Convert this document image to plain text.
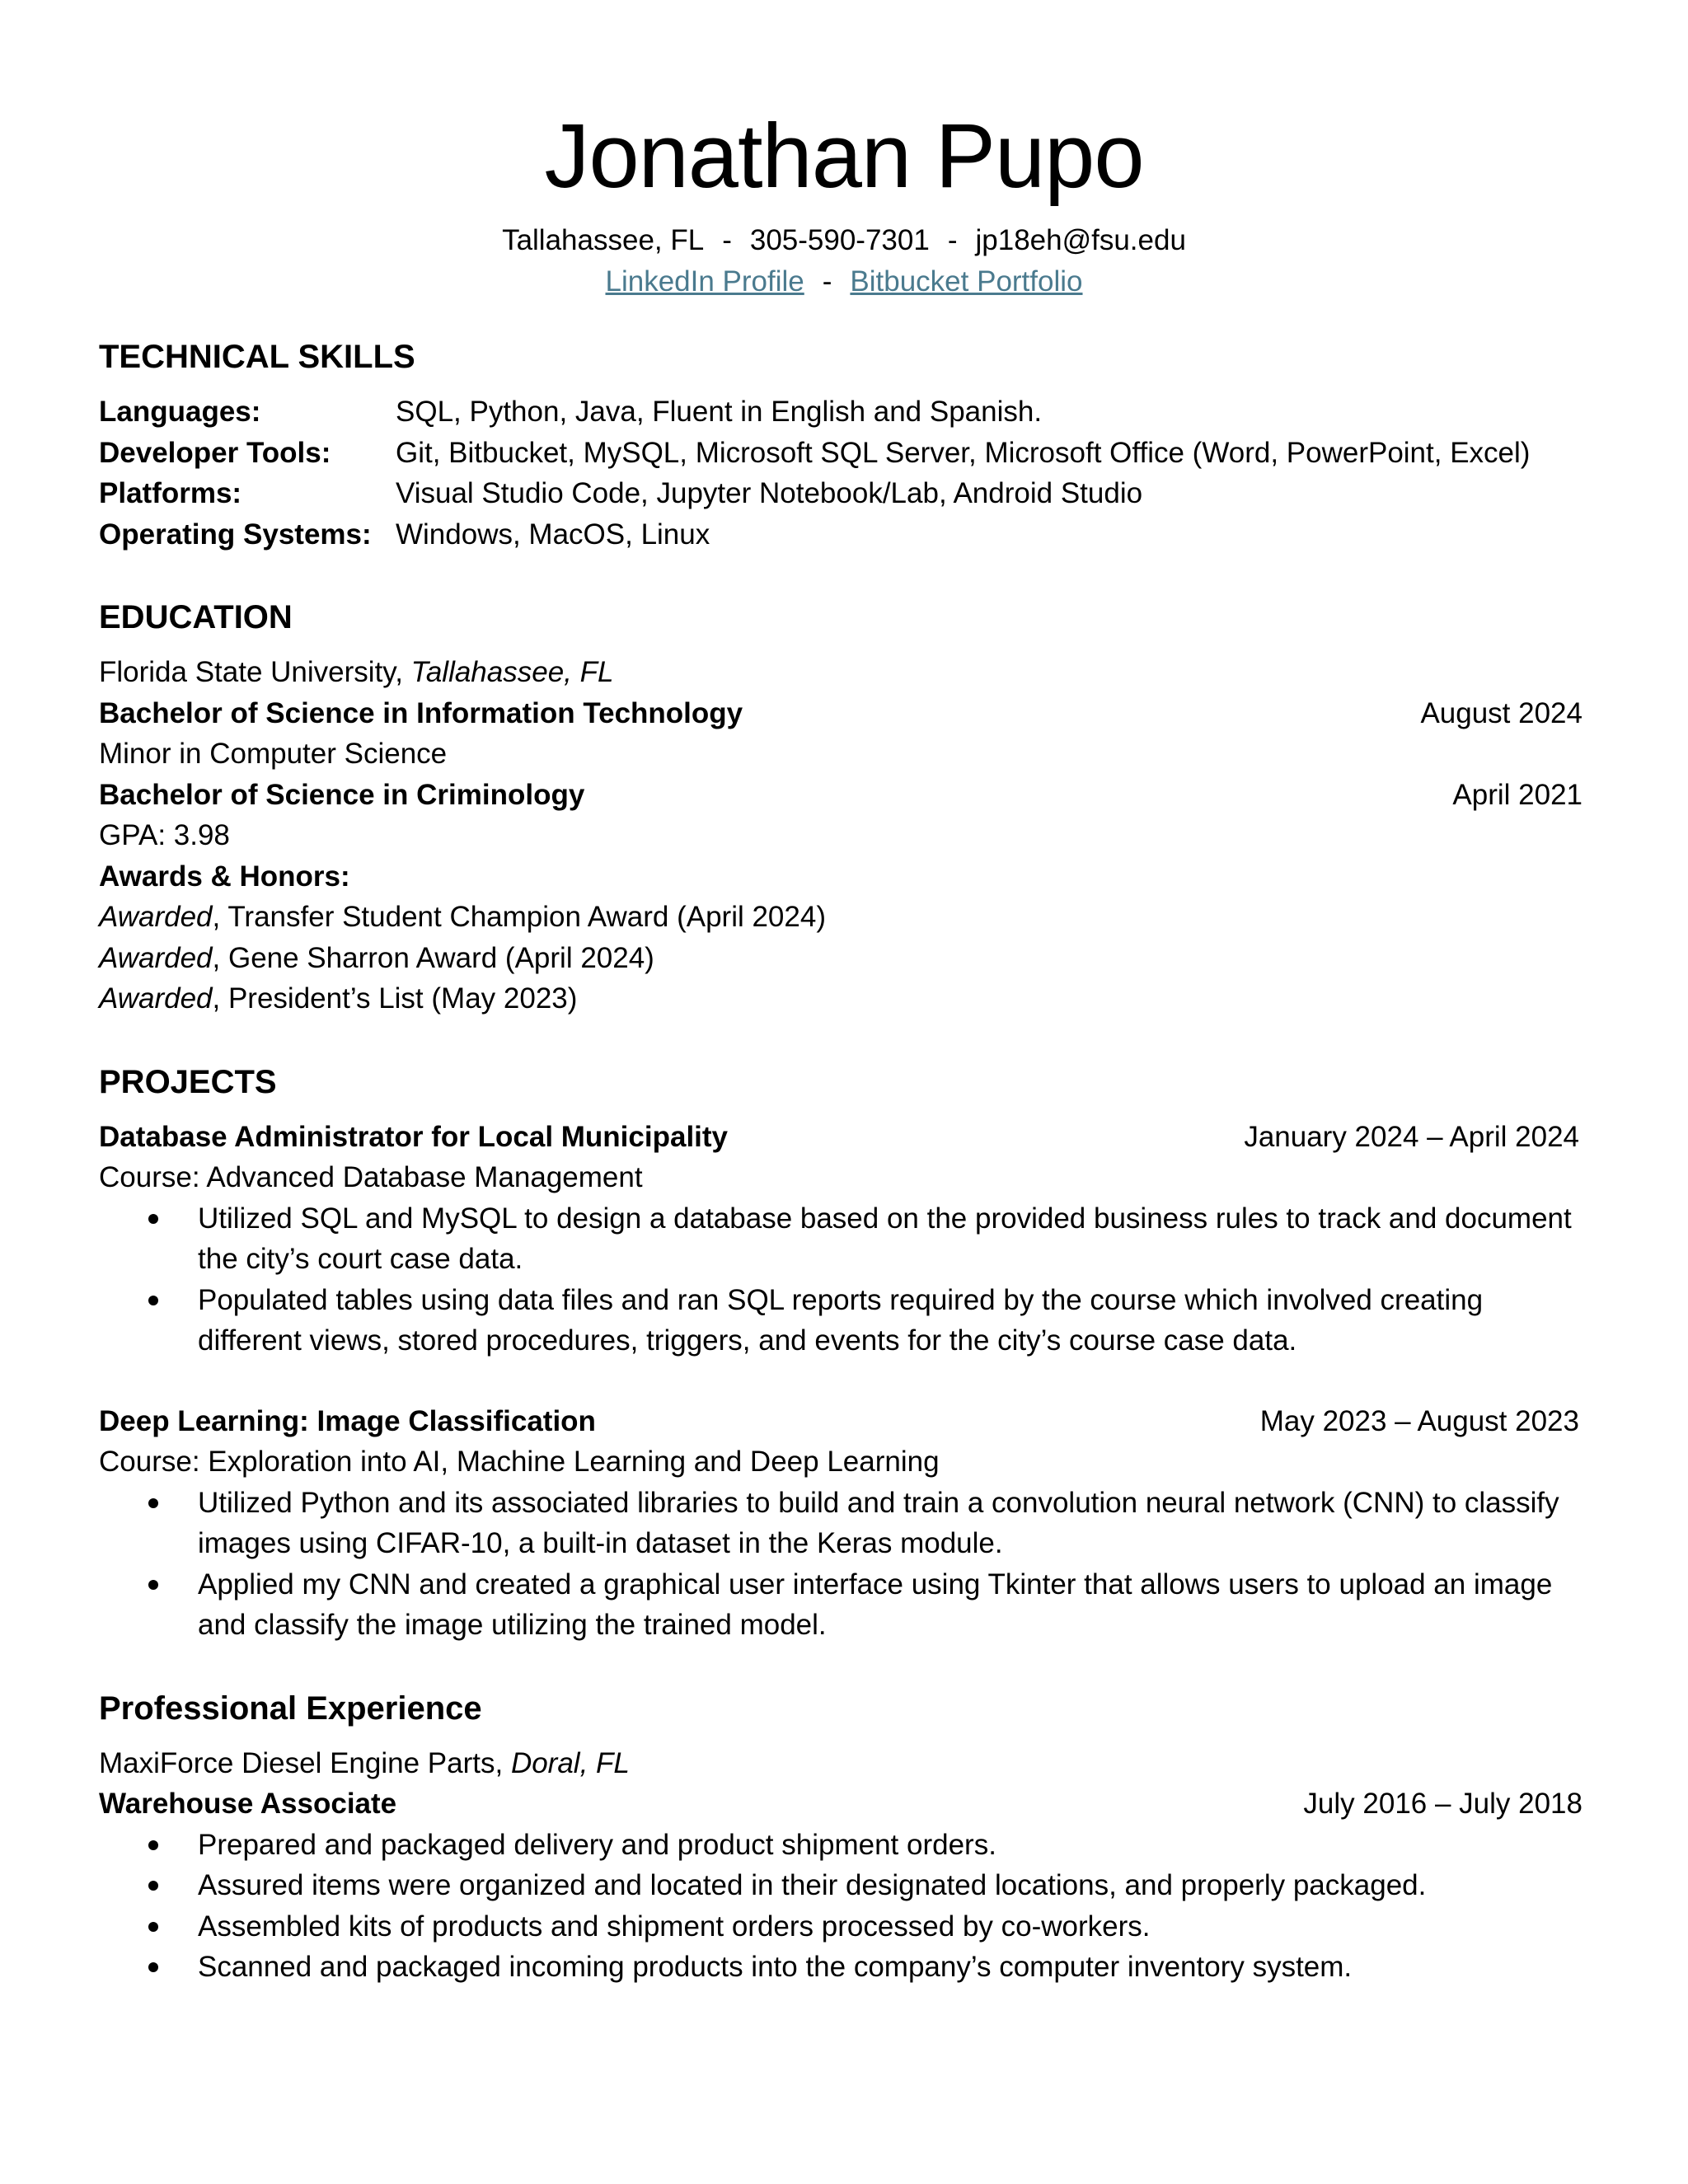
Jonathan Pupo
Tallahassee, FL - 305-590-7301 - jp18eh@fsu.edu
LinkedIn Profile - Bitbucket Portfolio
TECHNICAL SKILLS
Languages:	SQL, Python, Java, Fluent in English and Spanish.
Developer Tools:	Git, Bitbucket, MySQL, Microsoft SQL Server, Microsoft Office (Word, PowerPoint, Excel)
Platforms:	Visual Studio Code, Jupyter Notebook/Lab, Android Studio
Operating Systems: Windows, MacOS, Linux
EDUCATION
Florida State University, Tallahassee, FL
Bachelor of Science in Information Technology	August 2024
Minor in Computer Science
Bachelor of Science in Criminology	April 2021
GPA: 3.98
Awards & Honors:
Awarded, Transfer Student Champion Award (April 2024)
Awarded, Gene Sharron Award (April 2024)
Awarded, President’s List (May 2023)
PROJECTS
Database Administrator for Local Municipality	January 2024 – April 2024
Course: Advanced Database Management
Utilized SQL and MySQL to design a database based on the provided business rules to track and document the city’s court case data.
Populated tables using data files and ran SQL reports required by the course which involved creating different views, stored procedures, triggers, and events for the city’s course case data.
Deep Learning: Image Classification	May 2023 – August 2023
Course: Exploration into AI, Machine Learning and Deep Learning
Utilized Python and its associated libraries to build and train a convolution neural network (CNN) to classify images using CIFAR-10, a built-in dataset in the Keras module.
Applied my CNN and created a graphical user interface using Tkinter that allows users to upload an image and classify the image utilizing the trained model.
Professional Experience
MaxiForce Diesel Engine Parts, Doral, FL
Warehouse Associate	July 2016 – July 2018
Prepared and packaged delivery and product shipment orders.
Assured items were organized and located in their designated locations, and properly packaged.
Assembled kits of products and shipment orders processed by co-workers.
Scanned and packaged incoming products into the company’s computer inventory system.
